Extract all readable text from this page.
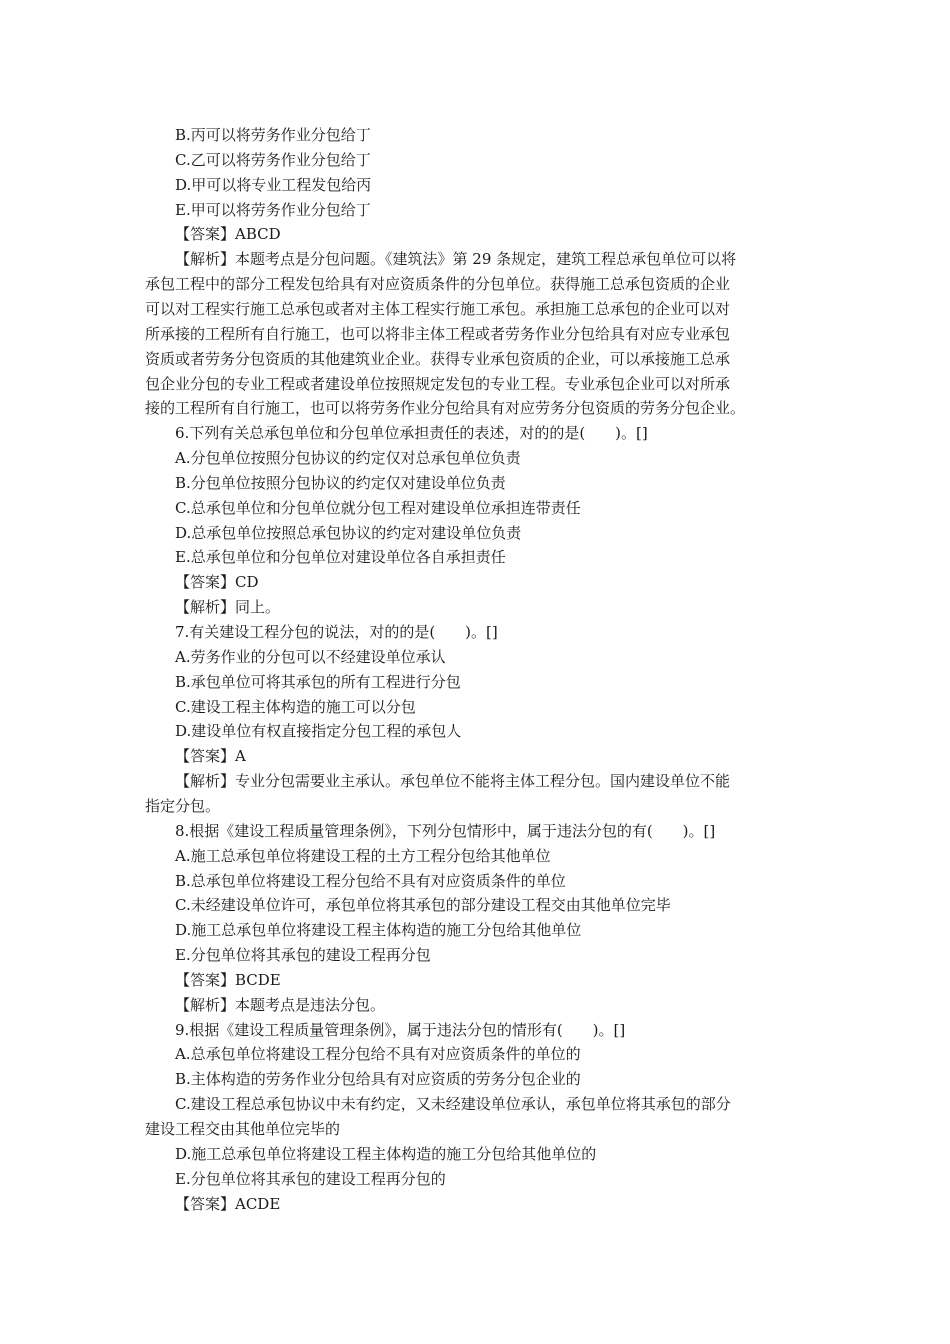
B.丙可以将劳务作业分包给丁
C.乙可以将劳务作业分包给丁
D.甲可以将专业工程发包给丙
E.甲可以将劳务作业分包给丁
【答案】ABCD
【解析】本题考点是分包问题。《建筑法》第 29 条规定，建筑工程总承包单位可以将
承包工程中的部分工程发包给具有对应资质条件的分包单位。获得施工总承包资质的企业
可以对工程实行施工总承包或者对主体工程实行施工承包。承担施工总承包的企业可以对
所承接的工程所有自行施工，也可以将非主体工程或者劳务作业分包给具有对应专业承包
资质或者劳务分包资质的其他建筑业企业。获得专业承包资质的企业，可以承接施工总承
包企业分包的专业工程或者建设单位按照规定发包的专业工程。专业承包企业可以对所承
接的工程所有自行施工，也可以将劳务作业分包给具有对应劳务分包资质的劳务分包企业。
6.下列有关总承包单位和分包单位承担责任的表述，对的的是(　　)。[]
A.分包单位按照分包协议的约定仅对总承包单位负责
B.分包单位按照分包协议的约定仅对建设单位负责
C.总承包单位和分包单位就分包工程对建设单位承担连带责任
D.总承包单位按照总承包协议的约定对建设单位负责
E.总承包单位和分包单位对建设单位各自承担责任
【答案】CD
【解析】同上。
7.有关建设工程分包的说法，对的的是(　　)。[]
A.劳务作业的分包可以不经建设单位承认
B.承包单位可将其承包的所有工程进行分包
C.建设工程主体构造的施工可以分包
D.建设单位有权直接指定分包工程的承包人
【答案】A
【解析】专业分包需要业主承认。承包单位不能将主体工程分包。国内建设单位不能
指定分包。
8.根据《建设工程质量管理条例》，下列分包情形中，属于违法分包的有(　　)。[]
A.施工总承包单位将建设工程的土方工程分包给其他单位
B.总承包单位将建设工程分包给不具有对应资质条件的单位
C.未经建设单位许可，承包单位将其承包的部分建设工程交由其他单位完毕
D.施工总承包单位将建设工程主体构造的施工分包给其他单位
E.分包单位将其承包的建设工程再分包
【答案】BCDE
【解析】本题考点是违法分包。
9.根据《建设工程质量管理条例》，属于违法分包的情形有(　　)。[]
A.总承包单位将建设工程分包给不具有对应资质条件的单位的
B.主体构造的劳务作业分包给具有对应资质的劳务分包企业的
C.建设工程总承包协议中未有约定，又未经建设单位承认，承包单位将其承包的部分
建设工程交由其他单位完毕的
D.施工总承包单位将建设工程主体构造的施工分包给其他单位的
E.分包单位将其承包的建设工程再分包的
【答案】ACDE
